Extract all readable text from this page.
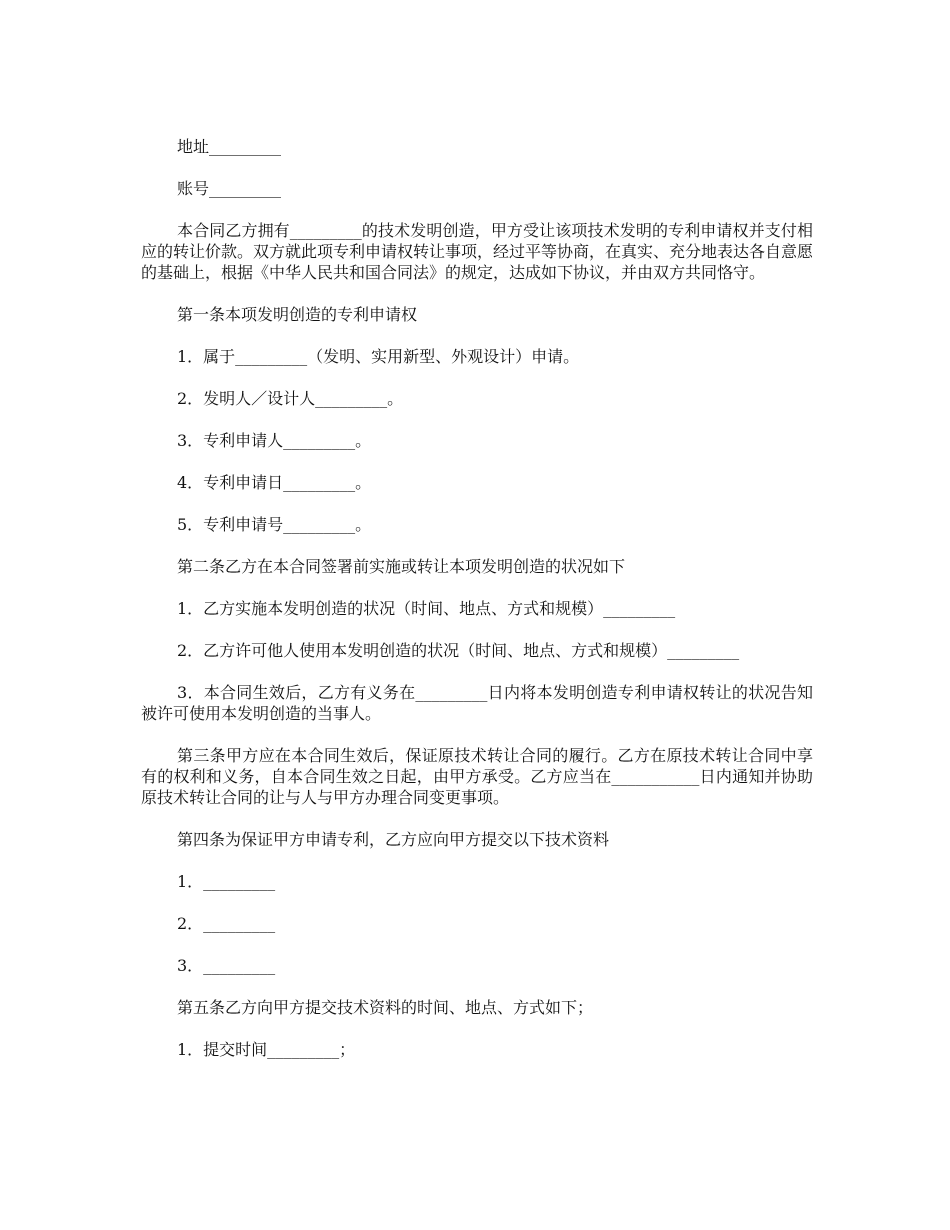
地址_________

账号_________

本合同乙方拥有_________的技术发明创造，甲方受让该项技术发明的专利申请权并支付相应的转让价款。双方就此项专利申请权转让事项，经过平等协商，在真实、充分地表达各自意愿的基础上，根据《中华人民共和国合同法》的规定，达成如下协议，并由双方共同恪守。

第一条本项发明创造的专利申请权

1．属于_________（发明、实用新型、外观设计）申请。

2．发明人／设计人_________。

3．专利申请人_________。

4．专利申请日_________。

5．专利申请号_________。

第二条乙方在本合同签署前实施或转让本项发明创造的状况如下

1．乙方实施本发明创造的状况（时间、地点、方式和规模）_________

2．乙方许可他人使用本发明创造的状况（时间、地点、方式和规模）_________

3．本合同生效后，乙方有义务在_________日内将本发明创造专利申请权转让的状况告知被许可使用本发明创造的当事人。

第三条甲方应在本合同生效后，保证原技术转让合同的履行。乙方在原技术转让合同中享有的权利和义务，自本合同生效之日起，由甲方承受。乙方应当在___________日内通知并协助原技术转让合同的让与人与甲方办理合同变更事项。

第四条为保证甲方申请专利，乙方应向甲方提交以下技术资料

1．_________

2．_________

3．_________

第五条乙方向甲方提交技术资料的时间、地点、方式如下；

1．提交时间_________；
